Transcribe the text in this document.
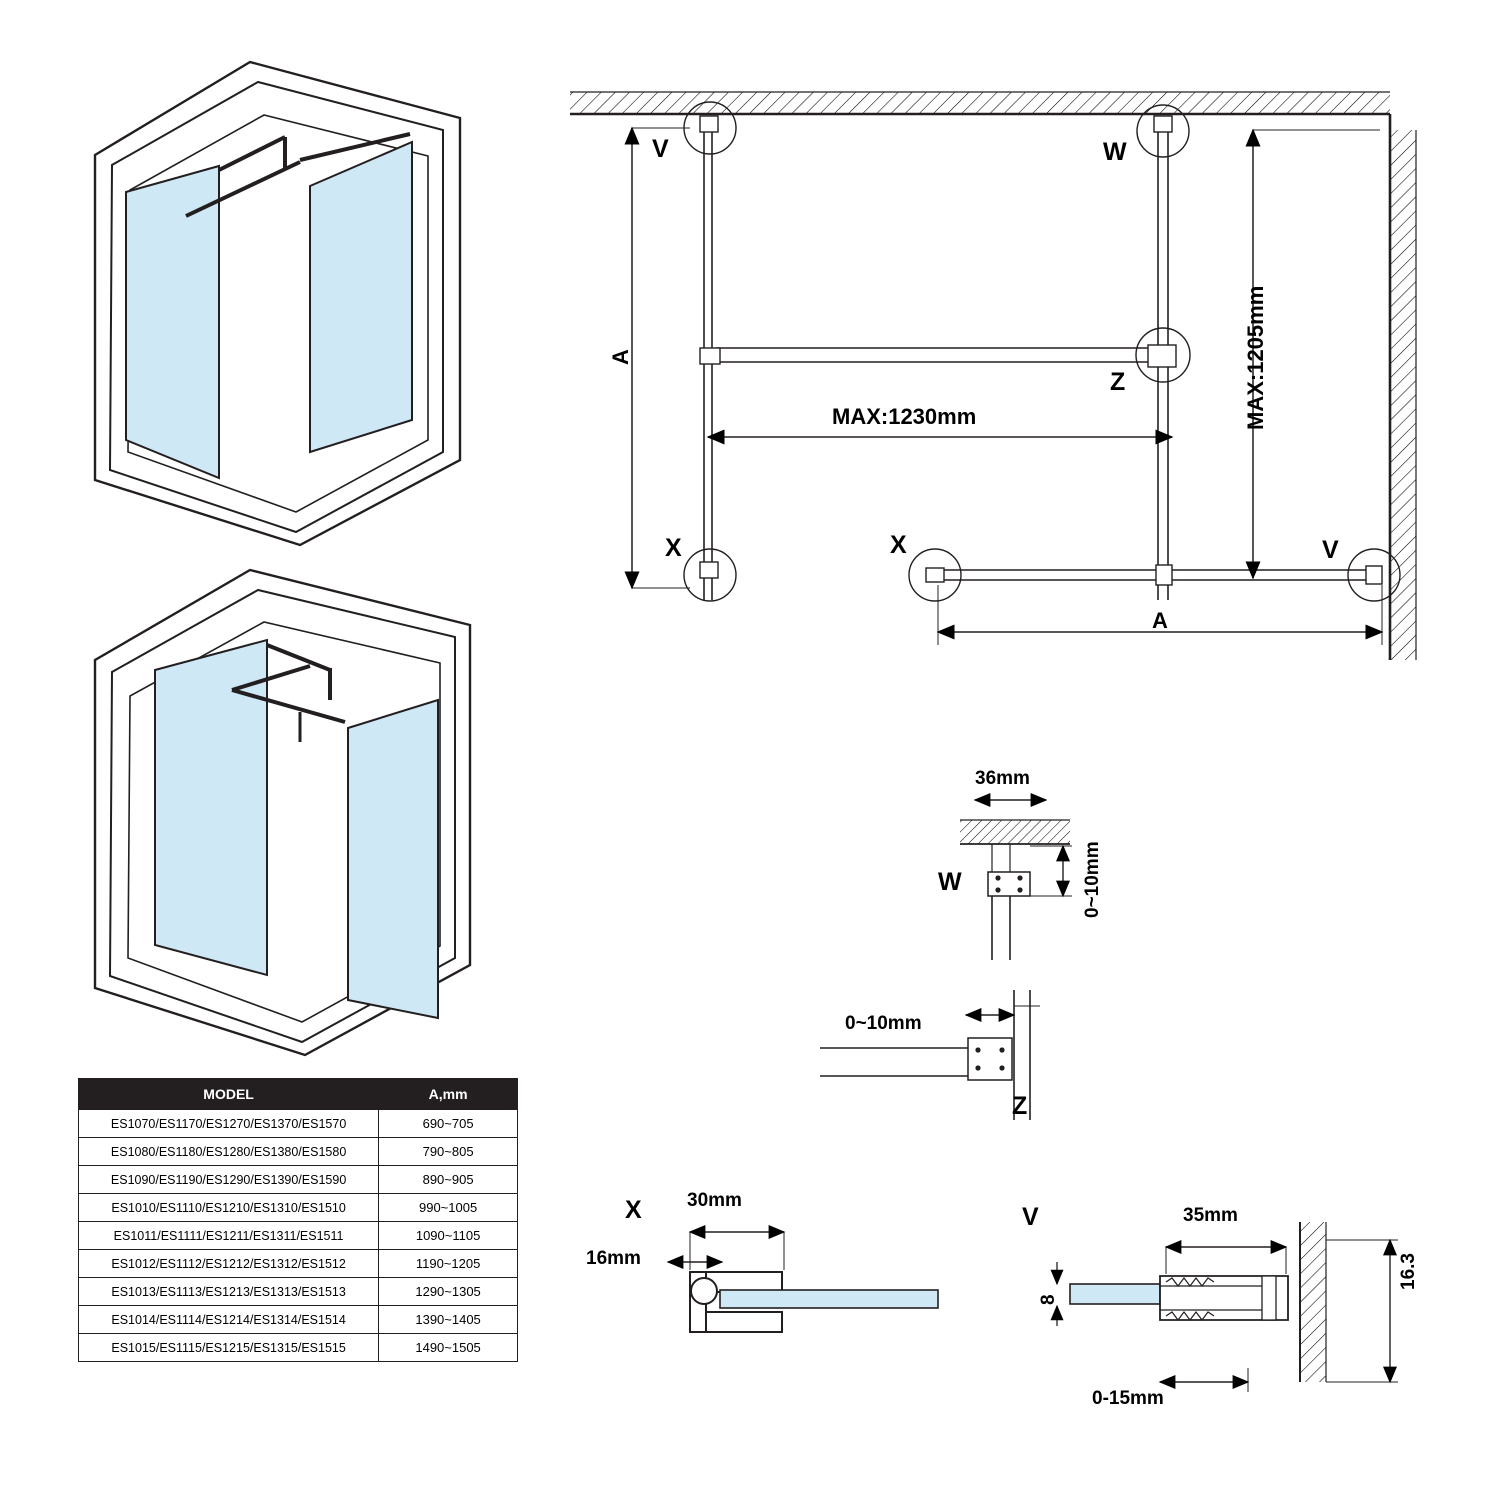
V	W
Z
X	X	V
A
A
MAX:1230mm	MAX:1205mm
W
36mm
0~10mm
Z
0~10mm
X 30mm
16mm
V	35mm
16.3
8
0-15mm
MODEL	A,mm
ES1070/ES1170/ES1270/ES1370/ES1570	690~705
ES1080/ES1180/ES1280/ES1380/ES1580	790~805
ES1090/ES1190/ES1290/ES1390/ES1590	890~905
ES1010/ES1110/ES1210/ES1310/ES1510	990~1005
ES1011/ES1111/ES1211/ES1311/ES1511	1090~1105
ES1012/ES1112/ES1212/ES1312/ES1512	1190~1205
ES1013/ES1113/ES1213/ES1313/ES1513	1290~1305
ES1014/ES1114/ES1214/ES1314/ES1514	1390~1405
ES1015/ES1115/ES1215/ES1315/ES1515	1490~1505
